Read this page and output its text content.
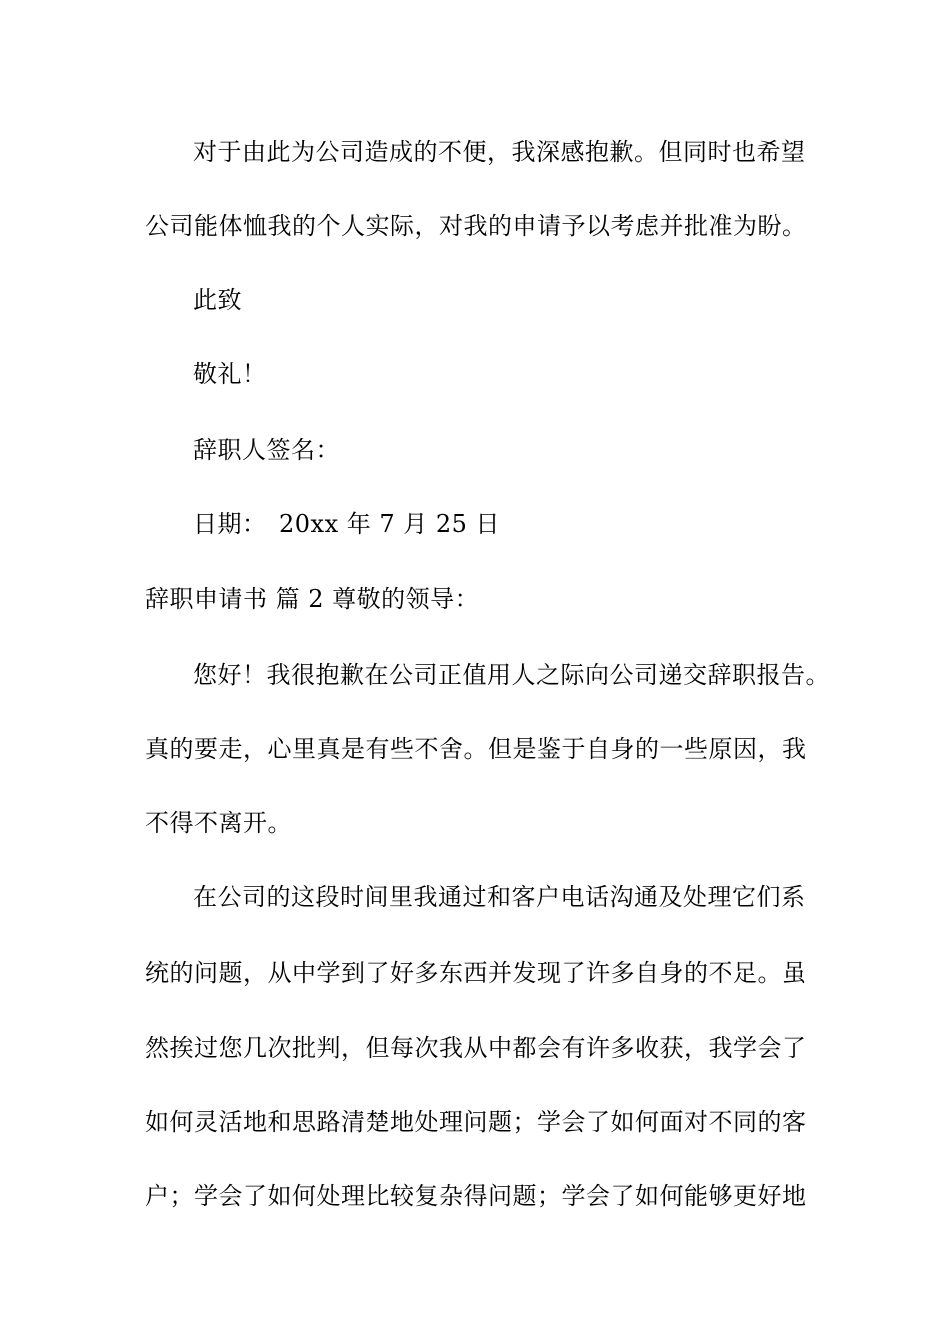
对于由此为公司造成的不便，我深感抱歉。但同时也希望
公司能体恤我的个人实际，对我的申请予以考虑并批准为盼。
此致
敬礼！
辞职人签名：
日期：　20xx 年 7 月 25 日
辞职申请书 篇 2 尊敬的领导：
您好！我很抱歉在公司正值用人之际向公司递交辞职报告。
真的要走，心里真是有些不舍。但是鉴于自身的一些原因，我
不得不离开。
在公司的这段时间里我通过和客户电话沟通及处理它们系
统的问题，从中学到了好多东西并发现了许多自身的不足。虽
然挨过您几次批判，但每次我从中都会有许多收获，我学会了
如何灵活地和思路清楚地处理问题；学会了如何面对不同的客
户；学会了如何处理比较复杂得问题；学会了如何能够更好地
